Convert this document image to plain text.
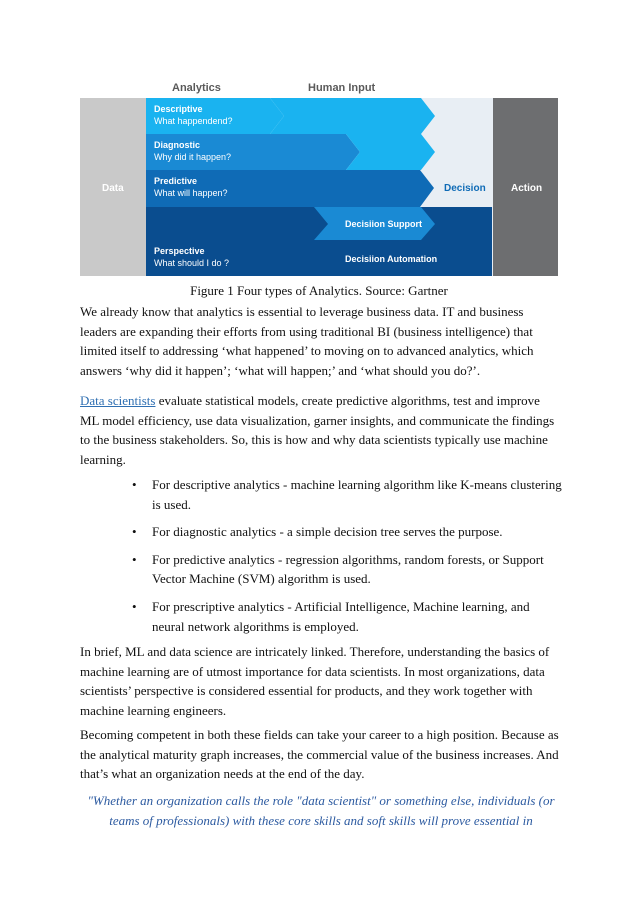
Analytics	Human Input
Data	Decision	Action
Descriptive
What happendend?
Diagnostic
Why did it happen?
Predictive
What will happen?
Perspective
What should I do ?
Decisiion Support
Decisiion Automation
Figure 1 Four types of Analytics. Source: Gartner

We already know that analytics is essential to leverage business data. IT and business leaders are expanding their efforts from using traditional BI (business intelligence) that limited itself to addressing ‘what happened’ to moving on to advanced analytics, which answers ‘why did it happen’; ‘what will happen;’ and ‘what should you do?’.

Data scientists evaluate statistical models, create predictive algorithms, test and improve ML model efficiency, use data visualization, garner insights, and communicate the findings to the business stakeholders. So, this is how and why data scientists typically use machine learning.

• For descriptive analytics - machine learning algorithm like K-means clustering is used.
• For diagnostic analytics - a simple decision tree serves the purpose.
• For predictive analytics - regression algorithms, random forests, or Support Vector Machine (SVM) algorithm is used.
• For prescriptive analytics - Artificial Intelligence, Machine learning, and neural network algorithms is employed.

In brief, ML and data science are intricately linked. Therefore, understanding the basics of machine learning are of utmost importance for data scientists. In most organizations, data scientists’ perspective is considered essential for products, and they work together with machine learning engineers.

Becoming competent in both these fields can take your career to a high position. Because as the analytical maturity graph increases, the commercial value of the business increases. And that’s what an organization needs at the end of the day.

"Whether an organization calls the role "data scientist" or something else, individuals (or teams of professionals) with these core skills and soft skills will prove essential in
